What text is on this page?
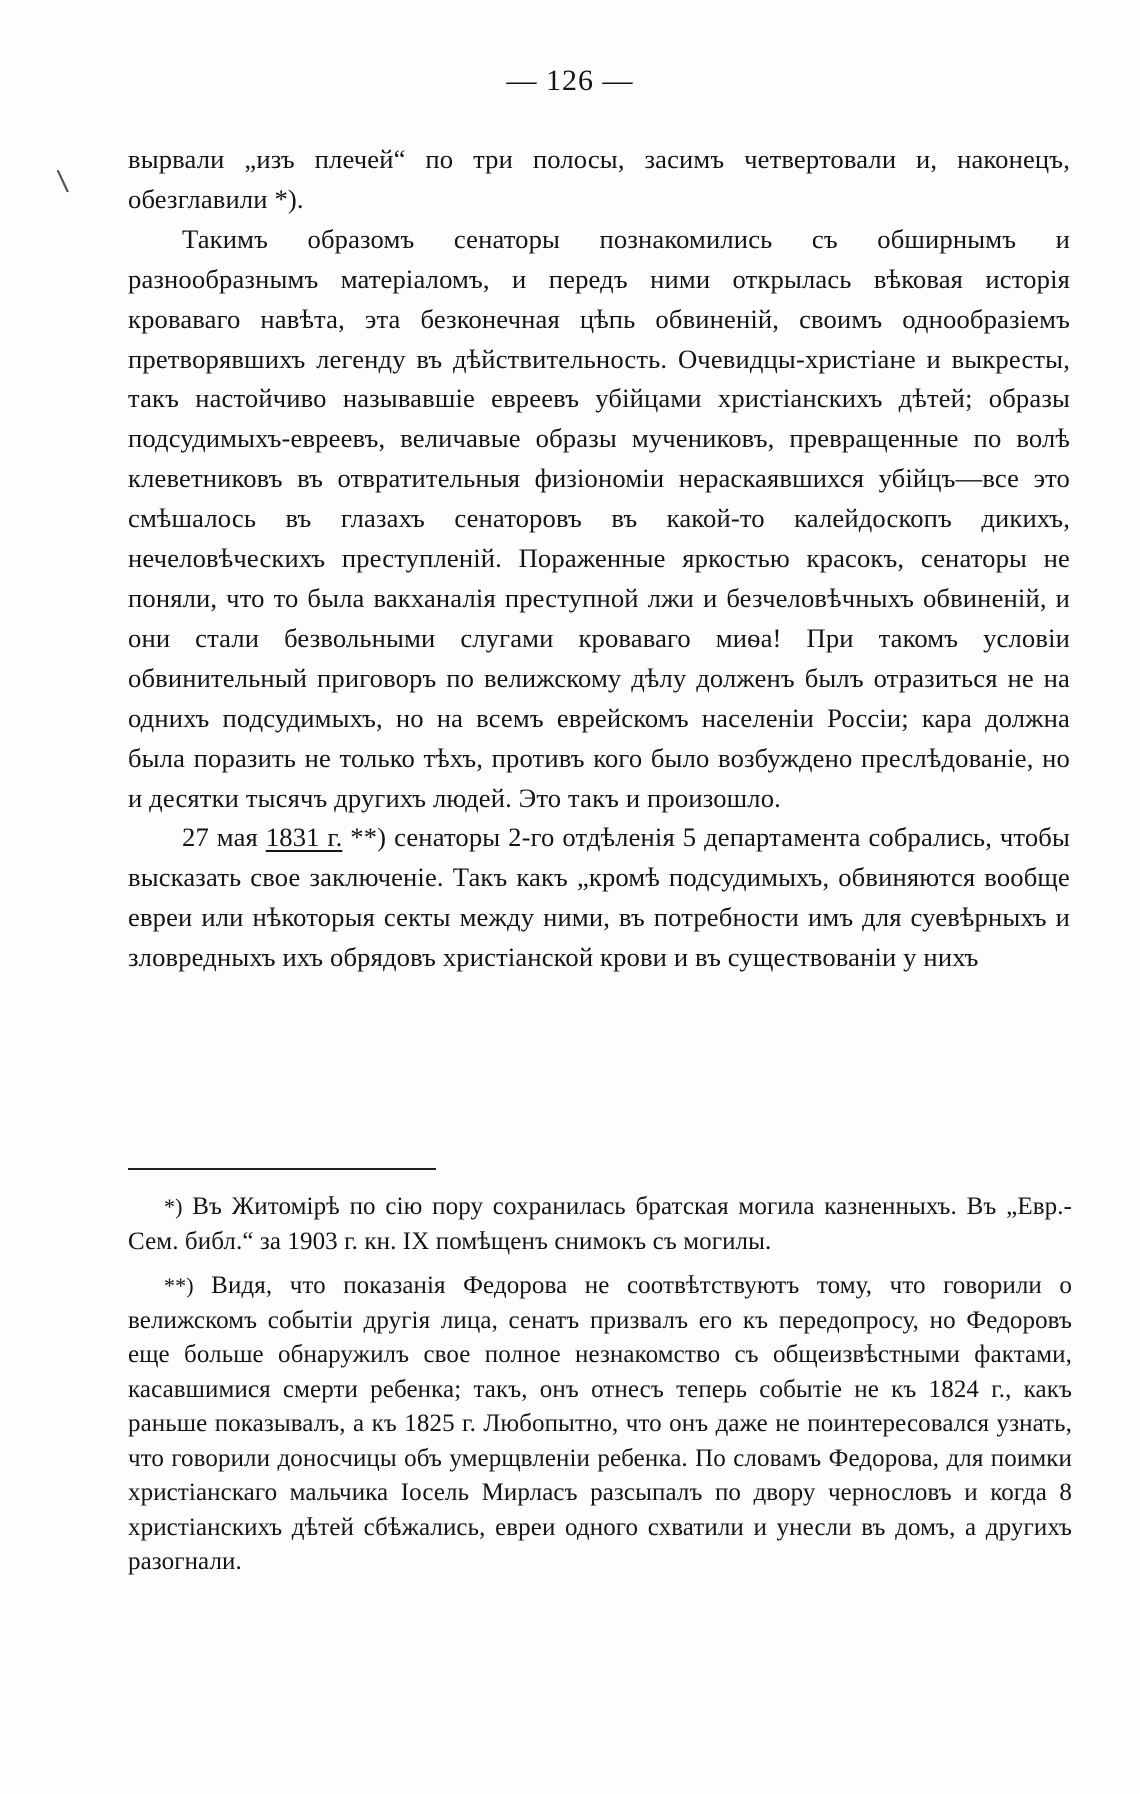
— 126 —
\

вырвали „изъ плечей“ по три полосы, засимъ четвертовали и, наконецъ, обезглавили *).

Такимъ образомъ сенаторы познакомились съ обширнымъ и разнообразнымъ матеріаломъ, и передъ ними открылась вѣковая исторія кроваваго навѣта, эта безконечная цѣпь обвиненій, своимъ однообразіемъ претворявшихъ легенду въ дѣйствительность. Очевидцы-христіане и выкресты, такъ настойчиво называвшіе евреевъ убійцами христіанскихъ дѣтей; образы подсудимыхъ-евреевъ, величавые образы мучениковъ, превращенные по волѣ клеветниковъ въ отвратительныя физіономіи нераскаявшихся убійцъ—все это смѣшалось въ глазахъ сенаторовъ въ какой-то калейдоскопъ дикихъ, нечеловѣческихъ преступленій. Пораженные яркостью красокъ, сенаторы не поняли, что то была вакханалія преступной лжи и безчеловѣчныхъ обвиненій, и они стали безвольными слугами кроваваго миѳа! При такомъ условіи обвинительный приговоръ по велижскому дѣлу долженъ былъ отразиться не на однихъ подсудимыхъ, но на всемъ еврейскомъ населеніи Россіи; кара должна была поразить не только тѣхъ, противъ кого было возбуждено преслѣдованіе, но и десятки тысячъ другихъ людей. Это такъ и произошло.

27 мая 1831 г. **) сенаторы 2-го отдѣленія 5 департамента собрались, чтобы высказать свое заключеніе. Такъ какъ „кромѣ подсудимыхъ, обвиняются вообще евреи или нѣкоторыя секты между ними, въ потребности имъ для суевѣрныхъ и зловредныхъ ихъ обрядовъ христіанской крови и въ существованіи у нихъ

*) Въ Житомірѣ по сію пору сохранилась братская могила казненныхъ. Въ „Евр.-Сем. библ.“ за 1903 г. кн. IX помѣщенъ снимокъ съ могилы.

**) Видя, что показанія Федорова не соотвѣтствуютъ тому, что говорили о велижскомъ событіи другія лица, сенатъ призвалъ его къ передопросу, но Федоровъ еще больше обнаружилъ свое полное незнакомство съ общеизвѣстными фактами, касавшимися смерти ребенка; такъ, онъ отнесъ теперь событіе не къ 1824 г., какъ раньше показывалъ, а къ 1825 г. Любопытно, что онъ даже не поинтересовался узнать, что говорили доносчицы объ умерщвленіи ребенка. По словамъ Федорова, для поимки христіанскаго мальчика Іосель Мирласъ разсыпалъ по двору чернословъ и когда 8 христіанскихъ дѣтей сбѣжались, евреи одного схватили и унесли въ домъ, а другихъ разогнали.
